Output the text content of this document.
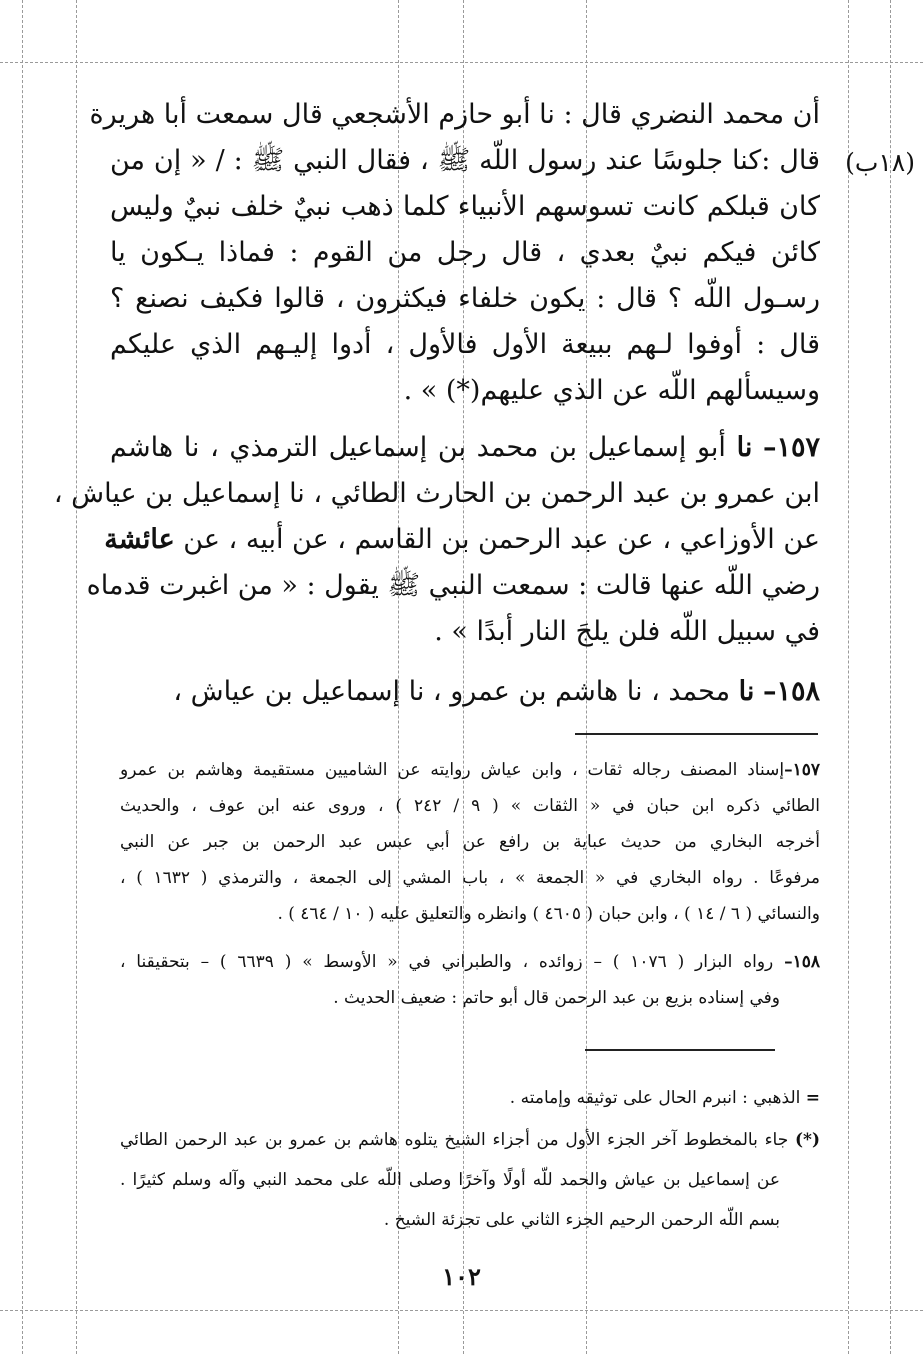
(١٨ب)
أن محمد النضري قال : نا أبو حازم الأشجعي قال سمعت أبا هريرة
قال :كنا جلوسًا عند رسول اللّه ﷺ ، فقال النبي ﷺ : / « إن من
كان قبلكم كانت تسوسهم الأنبياء كلما ذهب نبيٌ خلف نبيٌ وليس
كائن فيكم نبيٌ بعدي ، قال رجل من القوم : فماذا يـكون يا
رسـول اللّه ؟ قال : يكون خلفاء فيكثرون ، قالوا فكيف نصنع ؟
قال : أوفوا لـهم ببيعة الأول فالأول ، أدوا إليـهم الذي عليكم
وسيسألهم اللّه عن الذي عليهم(*) » .
١٥٧– نا أبو إسماعيل بن محمد بن إسماعيل الترمذي ، نا هاشم
ابن عمرو بن عبد الرحمن بن الحارث الطائي ، نا إسماعيل بن عياش ،
عن الأوزاعي ، عن عبد الرحمن بن القاسم ، عن أبيه ، عن عائشة
رضي اللّه عنها قالت : سمعت النبي ﷺ يقول : « من اغبرت قدماه
في سبيل اللّه فلن يلجَ النار أبدًا » .
١٥٨– نا محمد ، نا هاشم بن عمرو ، نا إسماعيل بن عياش ،
١٥٧–إسناد المصنف رجاله ثقات ، وابن عياش روايته عن الشاميين مستقيمة وهاشم بن عمرو
الطائي ذكره ابن حبان في « الثقات » ( ٩ / ٢٤٢ ) ، وروى عنه ابن عوف ، والحديث
أخرجه البخاري من حديث عباية بن رافع عن أبي عبس عبد الرحمن بن جبر عن النبي
مرفوعًا . رواه البخاري في « الجمعة » ، باب المشي إلى الجمعة ، والترمذي ( ١٦٣٢ ) ،
والنسائي ( ٦ / ١٤ ) ، وابن حبان ( ٤٦٠٥ ) وانظره والتعليق عليه ( ١٠ / ٤٦٤ ) .
١٥٨– رواه البزار ( ١٠٧٦ ) – زوائده ، والطبراني في « الأوسط » ( ٦٦٣٩ ) – بتحقيقنا ،
وفي إسناده بزيع بن عبد الرحمن قال أبو حاتم : ضعيف الحديث .
= الذهبي : انبرم الحال على توثيقه وإمامته .
(*) جاء بالمخطوط آخر الجزء الأول من أجزاء الشيخ يتلوه هاشم بن عمرو بن عبد الرحمن الطائي
عن إسماعيل بن عياش والحمد للّه أولًا وآخرًا وصلى اللّه على محمد النبي وآله وسلم كثيرًا .
بسم اللّه الرحمن الرحيم الجزء الثاني على تجزئة الشيخ .
١٠٢
